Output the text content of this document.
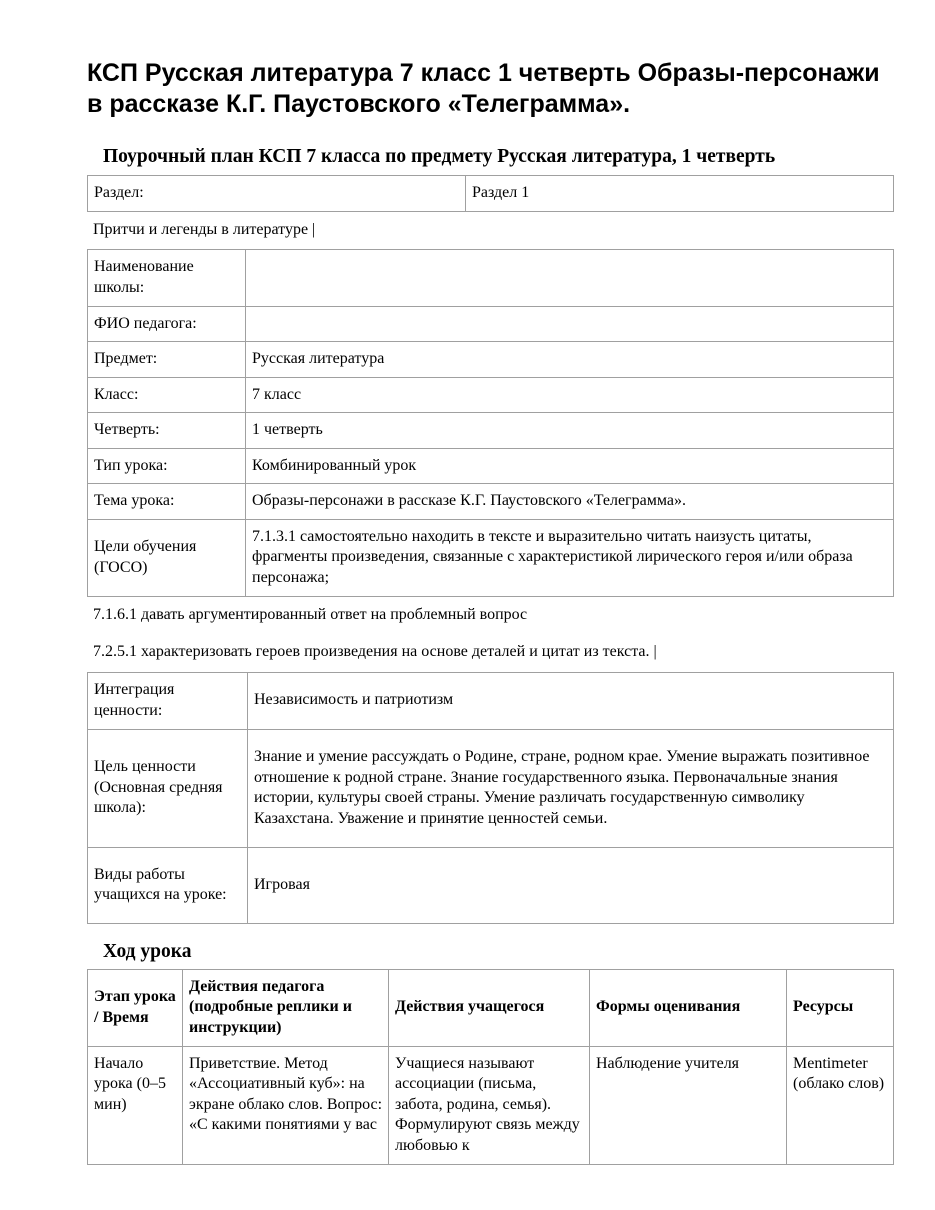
КСП Русская литература 7 класс 1 четверть Образы-персонажи в рассказе К.Г. Паустовского «Телеграмма».
Поурочный план КСП 7 класса по предмету Русская литература, 1 четверть
Раздел:	Раздел 1
Притчи и легенды в литературе |
Наименование школы:	
ФИО педагога:	
Предмет:	Русская литература
Класс:	7 класс
Четверть:	1 четверть
Тип урока:	Комбинированный урок
Тема урока:	Образы-персонажи в рассказе К.Г. Паустовского «Телеграмма».
Цели обучения (ГОСО)	7.1.3.1 самостоятельно находить в тексте и выразительно читать наизусть цитаты, фрагменты произведения, связанные с характеристикой лирического героя и/или образа персонажа;
7.1.6.1 давать аргументированный ответ на проблемный вопрос
7.2.5.1 характеризовать героев произведения на основе деталей и цитат из текста. |
Интеграция ценности:	Независимость и патриотизм
Цель ценности (Основная средняя школа):	Знание и умение рассуждать о Родине, стране, родном крае. Умение выражать позитивное отношение к родной стране. Знание государственного языка. Первоначальные знания истории, культуры своей страны. Умение различать государственную символику Казахстана. Уважение и принятие ценностей семьи.
Виды работы учащихся на уроке:	Игровая
Ход урока
Этап урока / Время	Действия педагога (подробные реплики и инструкции)	Действия учащегося	Формы оценивания	Ресурсы
Начало урока (0–5 мин)	Приветствие. Метод «Ассоциативный куб»: на экране облако слов. Вопрос: «С какими понятиями у вас	Учащиеся называют ассоциации (письма, забота, родина, семья). Формулируют связь между любовью к	Наблюдение учителя	Mentimeter (облако слов)
